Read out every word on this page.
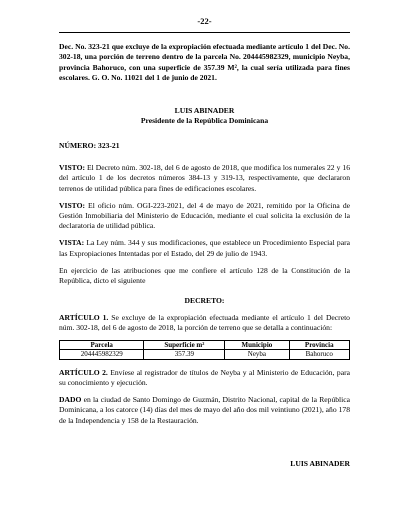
-22-
Dec. No. 323-21 que excluye de la expropiación efectuada mediante artículo 1 del Dec. No. 302-18, una porción de terreno dentro de la parcela No. 204445982329, municipio Neyba, provincia Bahoruco, con una superficie de 357.39 M², la cual sería utilizada para fines escolares. G. O. No. 11021 del 1 de junio de 2021.
LUIS ABINADER
Presidente de la República Dominicana
NÚMERO: 323-21

VISTO: El Decreto núm. 302-18, del 6 de agosto de 2018, que modifica los numerales 22 y 16 del artículo 1 de los decretos números 384-13 y 319-13, respectivamente, que declararon terrenos de utilidad pública para fines de edificaciones escolares.

VISTO: El oficio núm. OGI-223-2021, del 4 de mayo de 2021, remitido por la Oficina de Gestión Inmobiliaria del Ministerio de Educación, mediante el cual solicita la exclusión de la declaratoria de utilidad pública.

VISTA: La Ley núm. 344 y sus modificaciones, que establece un Procedimiento Especial para las Expropiaciones Intentadas por el Estado, del 29 de julio de 1943.

En ejercicio de las atribuciones que me confiere el artículo 128 de la Constitución de la República, dicto el siguiente

DECRETO:

ARTÍCULO 1. Se excluye de la expropiación efectuada mediante el artículo 1 del Decreto núm. 302-18, del 6 de agosto de 2018, la porción de terreno que se detalla a continuación:

Parcela	Superficie m²	Municipio	Provincia
204445982329	357.39	Neyba	Bahoruco

ARTÍCULO 2. Envíese al registrador de títulos de Neyba y al Ministerio de Educación, para su conocimiento y ejecución.

DADO en la ciudad de Santo Domingo de Guzmán, Distrito Nacional, capital de la República Dominicana, a los catorce (14) días del mes de mayo del año dos mil veintiuno (2021), año 178 de la Independencia y 158 de la Restauración.

LUIS ABINADER
